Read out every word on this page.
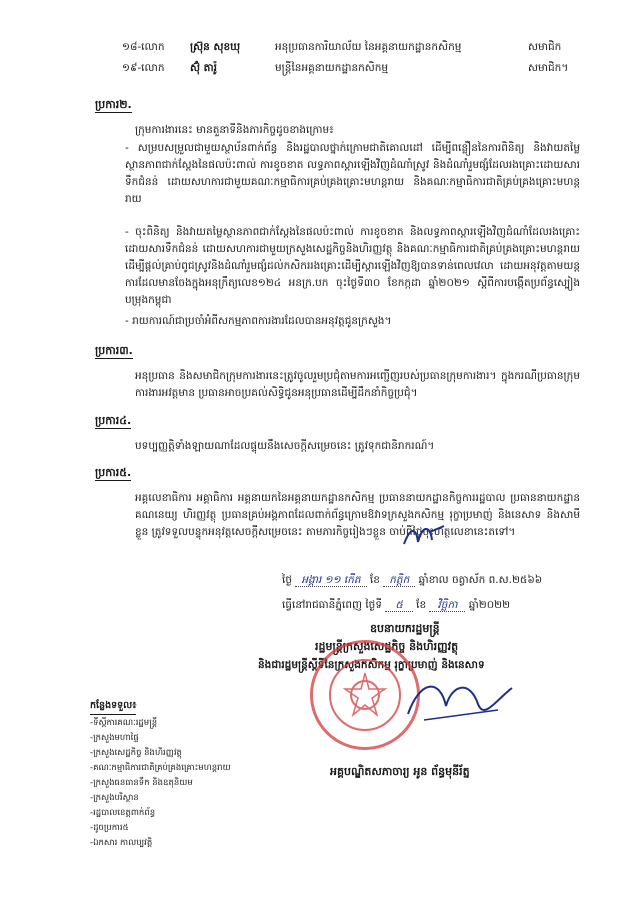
១៨-លោក ស្រ៊ុន សុខឃុ	អនុប្រធានការិយាល័យ នៃអគ្គនាយកដ្ឋានកសិកម្ម	សមាជិក
១៩-លោក ស៊ុំ តារ៉ូ	មន្ត្រីនៃអគ្គនាយកដ្ឋានកសិកម្ម	សមាជិក។
ប្រការ២.
ក្រុមការងារនេះ មានតួនាទីនិងភារកិច្ចដូចខាងក្រោម៖
- សម្របសម្រួលជាមួយស្ថាប័នពាក់ព័ន្ធ និងរដ្ឋបាលថ្នាក់ក្រោមជាតិគោលដៅ ដើម្បីពន្លឿននៃការពិនិត្យ និងវាយតម្លៃស្ថានភាពជាក់ស្តែងនៃផលប៉ះពាល់ ការខូចខាត លទ្ធភាពស្តារឡើងវិញដំណាំស្រូវ និងដំណាំរួមផ្សំដែលរងគ្រោះដោយសារទឹកជំនន់ ដោយសហការជាមួយគណៈកម្មាធិការគ្រប់គ្រងគ្រោះមហន្តរាយ និងគណៈកម្មាធិការជាតិគ្រប់គ្រងគ្រោះមហន្តរាយ
- ចុះពិនិត្យ និងវាយតម្លៃស្ថានភាពជាក់ស្តែងនៃផលប៉ះពាល់ ការខូចខាត និងលទ្ធភាពស្តារឡើងវិញដំណាំដែលរងគ្រោះដោយសារទឹកជំនន់ ដោយសហការជាមួយក្រសួងសេដ្ឋកិច្ចនិងហិរញ្ញវត្ថុ និងគណៈកម្មាធិការជាតិគ្រប់គ្រងគ្រោះមហន្តរាយ ដើម្បីផ្តល់គ្រាប់ពូជស្រូវនិងដំណាំរួមផ្សំដល់កសិកររងគ្រោះដើម្បីស្តារឡើងវិញឱ្យបានទាន់ពេលវេលា ដោយអនុវត្តតាមយន្តការដែលមានចែងក្នុងអនុក្រឹត្យលេខ១២៤ អនក្រ.បក ចុះថ្ងៃទី៣០ ខែកក្កដា ឆ្នាំ២០២១ ស្តីពីការបង្កើតប្រព័ន្ធស្បៀងបម្រុងកម្ពុជា
- រាយការណ៍ជាប្រចាំអំពីសកម្មភាពការងារដែលបានអនុវត្តជូនក្រសួង។
ប្រការ៣.
អនុប្រធាន និងសមាជិកក្រុមការងារនេះត្រូវចូលរួមប្រជុំតាមការអញ្ជើញរបស់ប្រធានក្រុមការងារ។ ក្នុងករណីប្រធានក្រុមការងារអវត្តមាន ប្រធានអាចប្រគល់សិទ្ធិជូនអនុប្រធានដើម្បីដឹកនាំកិច្ចប្រជុំ។
ប្រការ៤.
បទប្បញ្ញត្តិទាំងឡាយណាដែលផ្ទុយនឹងសេចក្តីសម្រេចនេះ ត្រូវទុកជានិរាករណ៍។
ប្រការ៥.
អគ្គលេខាធិការ អគ្គាធិការ អគ្គនាយកនៃអគ្គនាយកដ្ឋានកសិកម្ម ប្រធាននាយកដ្ឋានកិច្ចការរដ្ឋបាល ប្រធាននាយកដ្ឋានគណនេយ្យ ហិរញ្ញវត្ថុ ប្រធានគ្រប់អង្គភាពដែលពាក់ព័ន្ធក្រោមឱវាទក្រសួងកសិកម្ម រុក្ខាប្រមាញ់ និងនេសាទ និងសាមីខ្លួន ត្រូវទទួលបន្ទុកអនុវត្តសេចក្តីសម្រេចនេះ តាមភារកិច្ចរៀងៗខ្លួន ចាប់ពីថ្ងៃចុះហត្ថលេខានេះតទៅ។
ថ្ងៃ អង្គារ ១១ កើត ខែ កត្តិក ឆ្នាំខាល ចត្វាស័ក ព.ស.២៥៦៦
ធ្វើនៅរាជធានីភ្នំពេញ ថ្ងៃទី ៥ ខែ វិច្ឆិកា ឆ្នាំ២០២២
ឧបនាយករដ្ឋមន្ត្រី
រដ្ឋមន្ត្រីក្រសួងសេដ្ឋកិច្ច និងហិរញ្ញវត្ថុ
និងជារដ្ឋមន្ត្រីស្តីទីនៃក្រសួងកសិកម្ម រុក្ខាប្រមាញ់ និងនេសាទ
អគ្គបណ្ឌិតសភាចារ្យ អូន ព័ន្ធមុនីរ័ត្ន
កន្លែងទទួល៖
-ទីស្តីការគណៈរដ្ឋមន្ត្រី
-ក្រសួងមហាផ្ទៃ
-ក្រសួងសេដ្ឋកិច្ច និងហិរញ្ញវត្ថុ
-គណៈកម្មាធិការជាតិគ្រប់គ្រងគ្រោះមហន្តរាយ
-ក្រសួងធនធានទឹក និងឧតុនិយម
-ក្រសួងបរិស្ថាន
-រដ្ឋបាលខេត្តពាក់ព័ន្ធ
-ដូចប្រការ៥
-ឯកសារ កាលប្បវត្តិ
